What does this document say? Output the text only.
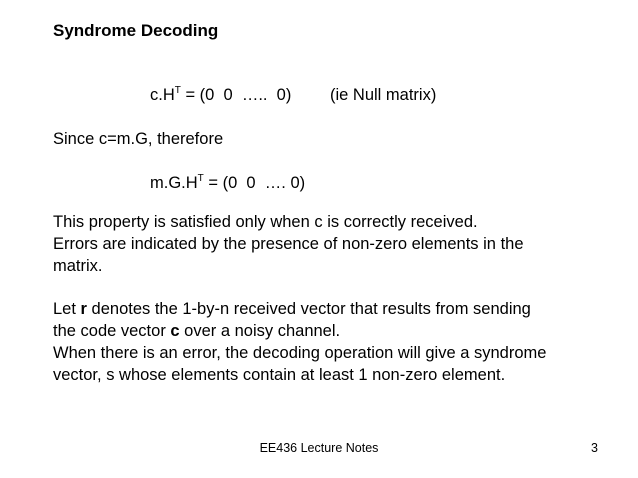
Syndrome Decoding
$c.H^T = (0$  0  …..  0) (ie Null matrix)
Since c=m.G, therefore
$m.G.H^T = (0$  0  …. 0)

This property is satisfied only when c is correctly received.

Errors are indicated by the presence of non-zero elements in the

matrix.

Let r denotes the 1-by-n received vector that results from sending

the code vector c over a noisy channel.

When there is an error, the decoding operation will give a syndrome

vector, s whose elements contain at least 1 non-zero element.

EE436 Lecture Notes	3
